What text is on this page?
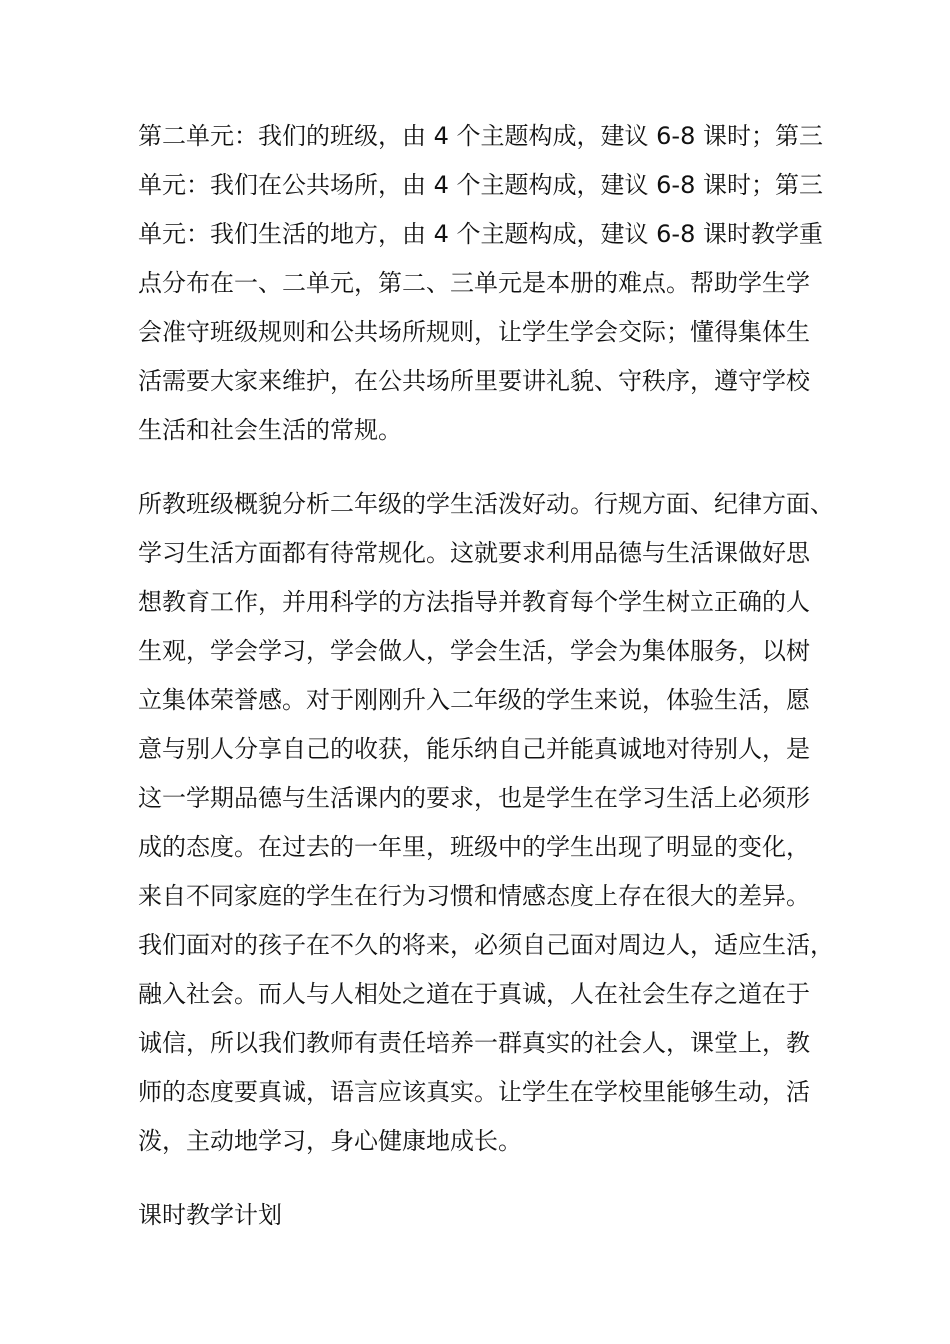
第二单元：我们的班级，由 4 个主题构成，建议 6-8 课时；第三
单元：我们在公共场所，由 4 个主题构成，建议 6-8 课时；第三
单元：我们生活的地方，由 4 个主题构成，建议 6-8 课时教学重
点分布在一、二单元，第二、三单元是本册的难点。帮助学生学
会准守班级规则和公共场所规则，让学生学会交际；懂得集体生
活需要大家来维护，在公共场所里要讲礼貌、守秩序，遵守学校
生活和社会生活的常规。
所教班级概貌分析二年级的学生活泼好动。行规方面、纪律方面、
学习生活方面都有待常规化。这就要求利用品德与生活课做好思
想教育工作，并用科学的方法指导并教育每个学生树立正确的人
生观，学会学习，学会做人，学会生活，学会为集体服务，以树
立集体荣誉感。对于刚刚升入二年级的学生来说，体验生活，愿
意与别人分享自己的收获，能乐纳自己并能真诚地对待别人，是
这一学期品德与生活课内的要求，也是学生在学习生活上必须形
成的态度。在过去的一年里，班级中的学生出现了明显的变化，
来自不同家庭的学生在行为习惯和情感态度上存在很大的差异。
我们面对的孩子在不久的将来，必须自己面对周边人，适应生活，
融入社会。而人与人相处之道在于真诚，人在社会生存之道在于
诚信，所以我们教师有责任培养一群真实的社会人，课堂上，教
师的态度要真诚，语言应该真实。让学生在学校里能够生动，活
泼，主动地学习，身心健康地成长。
课时教学计划
